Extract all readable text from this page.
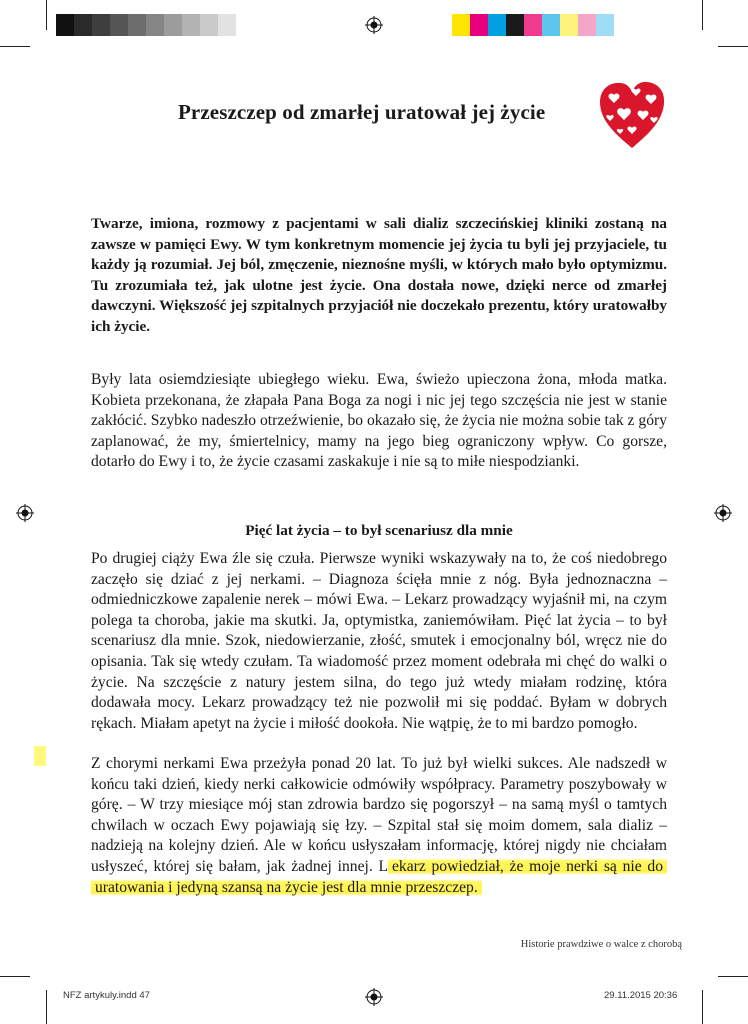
Przeszczep od zmarłej uratował jej życie

Twarze, imiona, rozmowy z pacjentami w sali dializ szczecińskiej kliniki zostaną na zawsze w pamięci Ewy. W tym konkretnym momencie jej życia tu byli jej przyjaciele, tu każdy ją rozumiał. Jej ból, zmęczenie, nieznośne myśli, w których mało było optymizmu. Tu zrozumiała też, jak ulotne jest życie. Ona dostała nowe, dzięki nerce od zmarłej dawczyni. Większość jej szpitalnych przyjaciół nie doczekało prezentu, który uratowałby ich życie.

Były lata osiemdziesiąte ubiegłego wieku. Ewa, świeżo upieczona żona, młoda matka. Kobieta przekonana, że złapała Pana Boga za nogi i nic jej tego szczęścia nie jest w stanie zakłócić. Szybko nadeszło otrzeźwienie, bo okazało się, że życia nie można sobie tak z góry zaplanować, że my, śmiertelnicy, mamy na jego bieg ograniczony wpływ. Co gorsze, dotarło do Ewy i to, że życie czasami zaskakuje i nie są to miłe niespodzianki.

Pięć lat życia – to był scenariusz dla mnie

Po drugiej ciąży Ewa źle się czuła. Pierwsze wyniki wskazywały na to, że coś niedobrego zaczęło się dziać z jej nerkami. – Diagnoza ścięła mnie z nóg. Była jednoznaczna – odmiedniczkowe zapalenie nerek – mówi Ewa. – Lekarz prowadzący wyjaśnił mi, na czym polega ta choroba, jakie ma skutki. Ja, optymistka, zaniemówiłam. Pięć lat życia – to był scenariusz dla mnie. Szok, niedowierzanie, złość, smutek i emocjonalny ból, wręcz nie do opisania. Tak się wtedy czułam. Ta wiadomość przez moment odebrała mi chęć do walki o życie. Na szczęście z natury jestem silna, do tego już wtedy miałam rodzinę, która dodawała mocy. Lekarz prowadzący też nie pozwolił mi się poddać. Byłam w dobrych rękach. Miałam apetyt na życie i miłość dookoła. Nie wątpię, że to mi bardzo pomogło.

Z chorymi nerkami Ewa przeżyła ponad 20 lat. To już był wielki sukces. Ale nadszedł w końcu taki dzień, kiedy nerki całkowicie odmówiły współpracy. Parametry poszybowały w górę. – W trzy miesiące mój stan zdrowia bardzo się pogorszył – na samą myśl o tamtych chwilach w oczach Ewy pojawiają się łzy. – Szpital stał się moim domem, sala dializ – nadzieją na kolejny dzień. Ale w końcu usłyszałam informację, której nigdy nie chciałam usłyszeć, której się bałam, jak żadnej innej. L ekarz powiedział, że moje nerki są nie do uratowania i jedyną szansą na życie jest dla mnie przeszczep.

Historie prawdziwe o walce z chorobą

NFZ artykuly.indd 47	29.11.2015 20:36
